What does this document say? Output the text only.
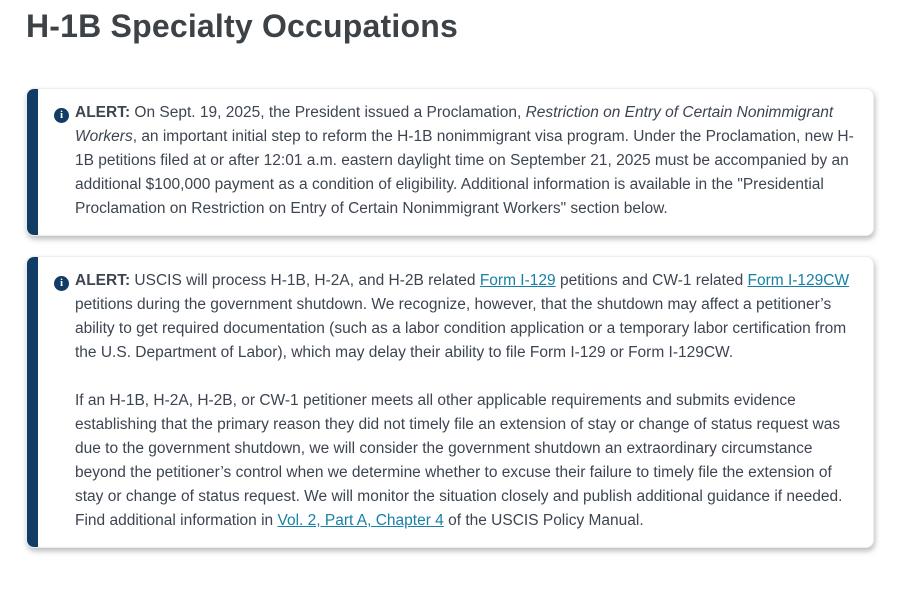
H-1B Specialty Occupations
i ALERT: On Sept. 19, 2025, the President issued a Proclamation, Restriction on Entry of Certain Nonimmigrant Workers, an important initial step to reform the H-1B nonimmigrant visa program. Under the Proclamation, new H-1B petitions filed at or after 12:01 a.m. eastern daylight time on September 21, 2025 must be accompanied by an additional $100,000 payment as a condition of eligibility. Additional information is available in the "Presidential Proclamation on Restriction on Entry of Certain Nonimmigrant Workers" section below.

i ALERT: USCIS will process H-1B, H-2A, and H-2B related Form I-129 petitions and CW-1 related Form I-129CW petitions during the government shutdown. We recognize, however, that the shutdown may affect a petitioner’s ability to get required documentation (such as a labor condition application or a temporary labor certification from the U.S. Department of Labor), which may delay their ability to file Form I-129 or Form I-129CW.

If an H-1B, H-2A, H-2B, or CW-1 petitioner meets all other applicable requirements and submits evidence establishing that the primary reason they did not timely file an extension of stay or change of status request was due to the government shutdown, we will consider the government shutdown an extraordinary circumstance beyond the petitioner’s control when we determine whether to excuse their failure to timely file the extension of stay or change of status request. We will monitor the situation closely and publish additional guidance if needed. Find additional information in Vol. 2, Part A, Chapter 4 of the USCIS Policy Manual.
